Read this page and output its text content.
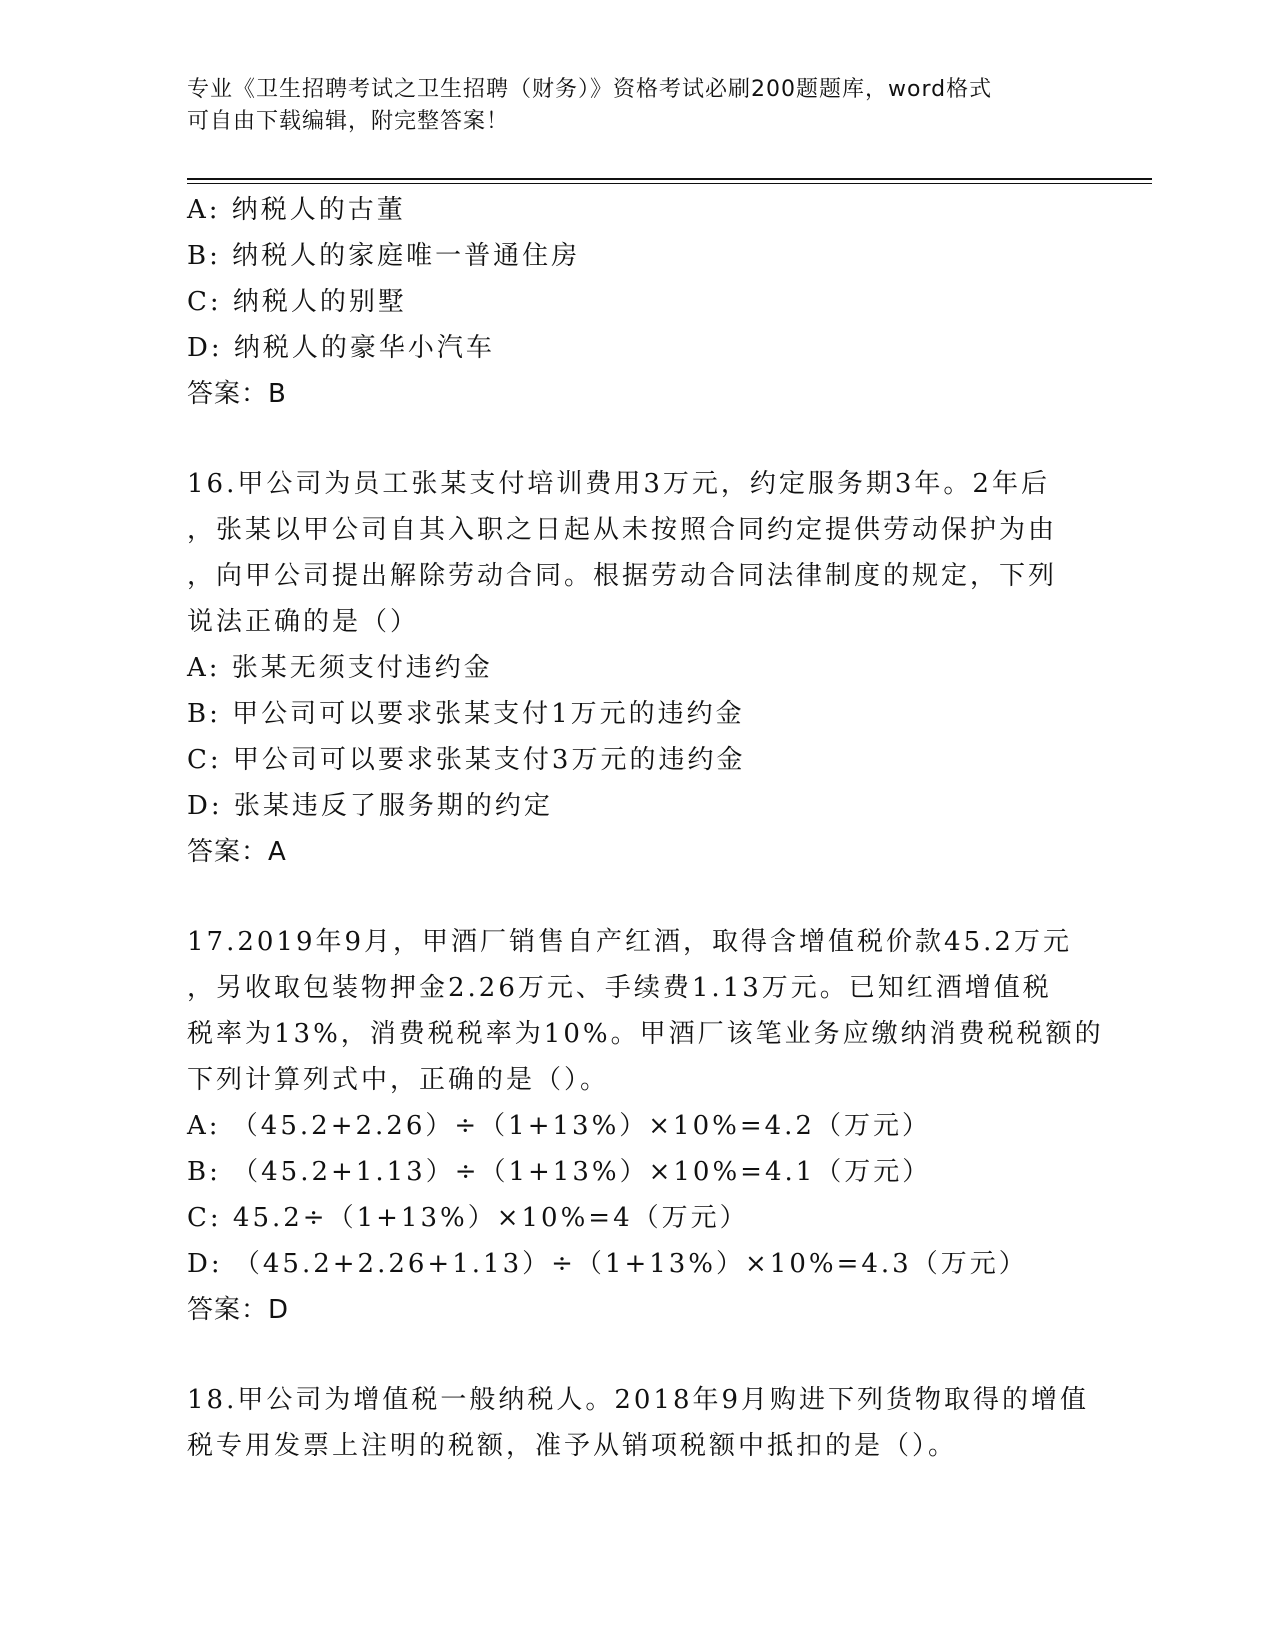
专业《卫生招聘考试之卫生招聘（财务）》资格考试必刷200题题库，word格式
可自由下载编辑，附完整答案！
A: 纳税人的古董
B: 纳税人的家庭唯一普通住房
C: 纳税人的别墅
D: 纳税人的豪华小汽车
答案：B
16.甲公司为员工张某支付培训费用3万元，约定服务期3年。2年后
，张某以甲公司自其入职之日起从未按照合同约定提供劳动保护为由
，向甲公司提出解除劳动合同。根据劳动合同法律制度的规定，下列
说法正确的是（）
A: 张某无须支付违约金
B: 甲公司可以要求张某支付1万元的违约金
C: 甲公司可以要求张某支付3万元的违约金
D: 张某违反了服务期的约定
答案：A
17.2019年9月，甲酒厂销售自产红酒，取得含增值税价款45.2万元
，另收取包装物押金2.26万元、手续费1.13万元。已知红酒增值税
税率为13%，消费税税率为10%。甲酒厂该笔业务应缴纳消费税税额的
下列计算列式中，正确的是（）。
A: （45.2+2.26）÷（1+13%）×10%=4.2（万元）
B: （45.2+1.13）÷（1+13%）×10%=4.1（万元）
C: 45.2÷（1+13%）×10%=4（万元）
D: （45.2+2.26+1.13）÷（1+13%）×10%=4.3（万元）
答案：D
18.甲公司为增值税一般纳税人。2018年9月购进下列货物取得的增值
税专用发票上注明的税额，准予从销项税额中抵扣的是（）。
